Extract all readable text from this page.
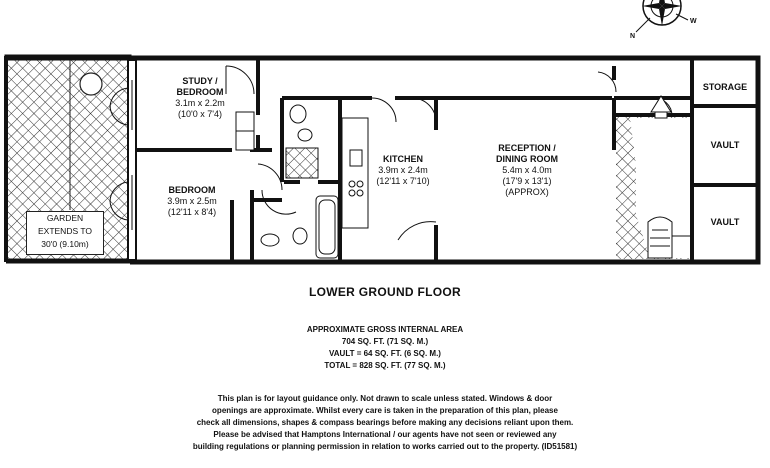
N
W
STUDY /
BEDROOM
3.1m x 2.2m
(10'0 x 7'4)
BEDROOM
3.9m x 2.5m
(12'11 x 8'4)
KITCHEN
3.9m x 2.4m
(12'11 x 7'10)
RECEPTION /
DINING ROOM
5.4m x 4.0m
(17'9 x 13'1)
(APPROX)
STORAGE
VAULT
VAULT
GARDEN
EXTENDS TO
30'0 (9.10m)
LOWER GROUND FLOOR
APPROXIMATE GROSS INTERNAL AREA
704 SQ. FT. (71 SQ. M.)
VAULT = 64 SQ. FT. (6 SQ. M.)
TOTAL = 828 SQ. FT. (77 SQ. M.)
This plan is for layout guidance only. Not drawn to scale unless stated. Windows & door
openings are approximate. Whilst every care is taken in the preparation of this plan, please
check all dimensions, shapes & compass bearings before making any decisions reliant upon them.
Please be advised that Hamptons International / our agents have not seen or reviewed any
building regulations or planning permission in relation to works carried out to the property. (ID51581)
